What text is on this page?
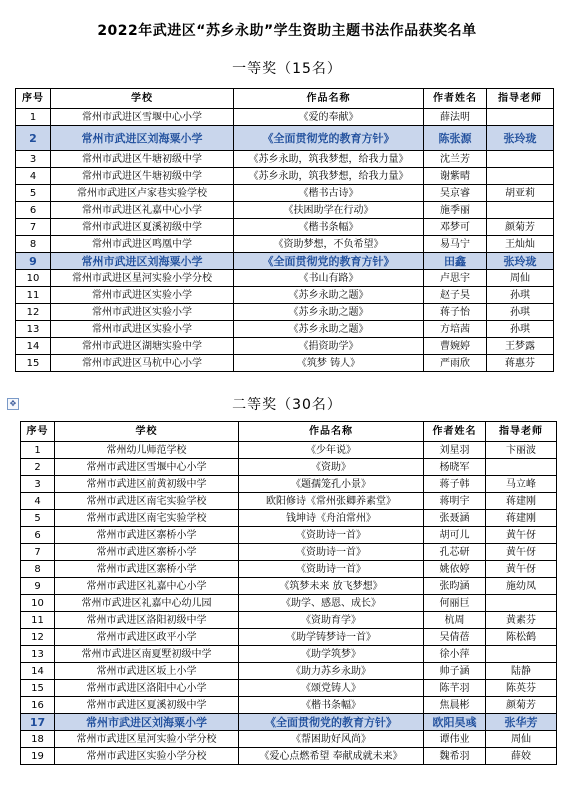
2022年武进区“苏乡永助”学生资助主题书法作品获奖名单
一等奖（15名）
序号	学校	作品名称	作者姓名	指导老师
1	常州市武进区雪堰中心小学	《爱的奉献》	薛法明	
2	常州市武进区刘海粟小学	《全面贯彻党的教育方针》	陈张源	张玲珑
3	常州市武进区牛塘初级中学	《苏乡永助，筑我梦想，给我力量》	沈兰芳	
4	常州市武进区牛塘初级中学	《苏乡永助，筑我梦想，给我力量》	谢紫晴	
5	常州市武进区卢家巷实验学校	《楷书古诗》	吴京睿	胡亚莉
6	常州市武进区礼嘉中心小学	《扶困助学在行动》	施季丽	
7	常州市武进区夏溪初级中学	《楷书条幅》	邓梦可	颜菊芳
8	常州市武进区鸣凰中学	《资助梦想，不负希望》	易马宁	王灿灿
9	常州市武进区刘海粟小学	《全面贯彻党的教育方针》	田鑫	张玲珑
10	常州市武进区星河实验小学分校	《书山有路》	卢思宇	周仙
11	常州市武进区实验小学	《苏乡永助之题》	赵子昊	孙琪
12	常州市武进区实验小学	《苏乡永助之题》	蒋子怡	孙琪
13	常州市武进区实验小学	《苏乡永助之题》	方培茜	孙琪
14	常州市武进区湖塘实验中学	《捐资助学》	曹婉婷	王梦露
15	常州市武进区马杭中心小学	《筑梦 铸人》	严雨欣	蒋惠芬
✥	二等奖（30名）
序号	学校	作品名称	作者姓名	指导老师
1	常州幼儿师范学校	《少年说》	刘星羽	卞丽波
2	常州市武进区雪堰中心小学	《资助》	杨晓军	
3	常州市武进区前黄初级中学	《题孺笼孔小景》	蒋子韩	马立峰
4	常州市武进区南宅实验学校	欧阳修诗《常州张卿养素堂》	蒋明宇	蒋建刚
5	常州市武进区南宅实验学校	钱坤诗《舟泊常州》	张聂涵	蒋建刚
6	常州市武进区寨桥小学	《资助诗一首》	胡可儿	黄午伢
7	常州市武进区寨桥小学	《资助诗一首》	孔芯研	黄午伢
8	常州市武进区寨桥小学	《资助诗一首》	姚依婷	黄午伢
9	常州市武进区礼嘉中心小学	《筑梦未来 放飞梦想》	张昀涵	施幼凤
10	常州市武进区礼嘉中心幼儿园	《助学、感恩、成长》	何丽巨	
11	常州市武进区洛阳初级中学	《资助育学》	杭周	黄素芬
12	常州市武进区政平小学	《助学铸梦诗一首》	吴倩蓓	陈松鹤
13	常州市武进区南夏墅初级中学	《助学筑梦》	徐小萍	
14	常州市武进区坂上小学	《助力苏乡永助》	帅子涵	陆静
15	常州市武进区洛阳中心小学	《颂党铸人》	陈芊羽	陈英芬
16	常州市武进区夏溪初级中学	《楷书条幅》	焦晨彬	颜菊芳
17	常州市武进区刘海粟小学	《全面贯彻党的教育方针》	欧阳昊彧	张华芳
18	常州市武进区星河实验小学分校	《帮困助好风尚》	谭伟业	周仙
19	常州市武进区实验小学分校	《爱心点燃希望 奉献成就未来》	魏希羽	薛姣
